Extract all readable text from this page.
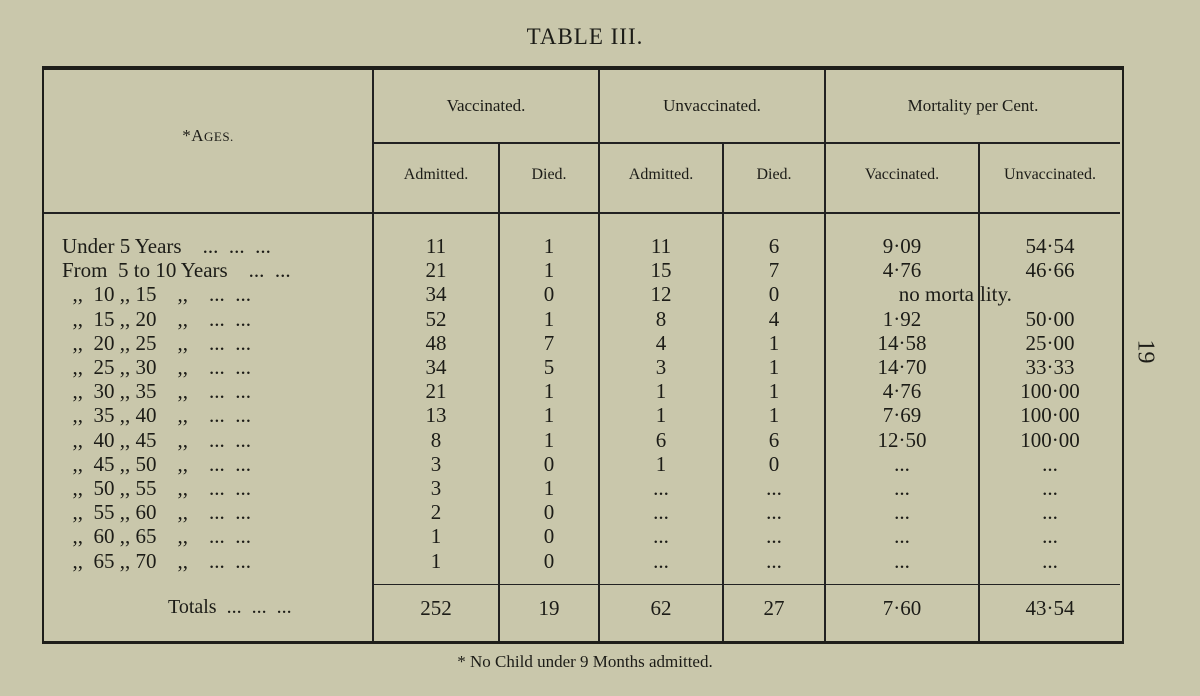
TABLE III.
*AGES.
Vaccinated.	Unvaccinated.	Mortality per Cent.
Admitted.	Died.	Admitted.	Died.	Vaccinated.	Unvaccinated.
Under 5 Years    ...  ...  ...	11	1	11	6	9·09	54·54
From  5 to 10 Years    ...  ...	21	1	15	7	4·76	46·66
,,  10 ,, 15    ,,    ...  ...	34	0	12	0	no morta lity.
,,  15 ,, 20    ,,    ...  ...	52	1	8	4	1·92	50·00
,,  20 ,, 25    ,,    ...  ...	48	7	4	1	14·58	25·00
,,  25 ,, 30    ,,    ...  ...	34	5	3	1	14·70	33·33
,,  30 ,, 35    ,,    ...  ...	21	1	1	1	4·76	100·00
,,  35 ,, 40    ,,    ...  ...	13	1	1	1	7·69	100·00
,,  40 ,, 45    ,,    ...  ...	8	1	6	6	12·50	100·00
,,  45 ,, 50    ,,    ...  ...	3	0	1	0	...	...
,,  50 ,, 55    ,,    ...  ...	3	1	...	...	...	...
,,  55 ,, 60    ,,    ...  ...	2	0	...	...	...	...
,,  60 ,, 65    ,,    ...  ...	1	0	...	...	...	...
,,  65 ,, 70    ,,    ...  ...	1	0	...	...	...	...
Totals  ...  ...  ...	252	19	62	27	7·60	43·54
19
* No Child under 9 Months admitted.
